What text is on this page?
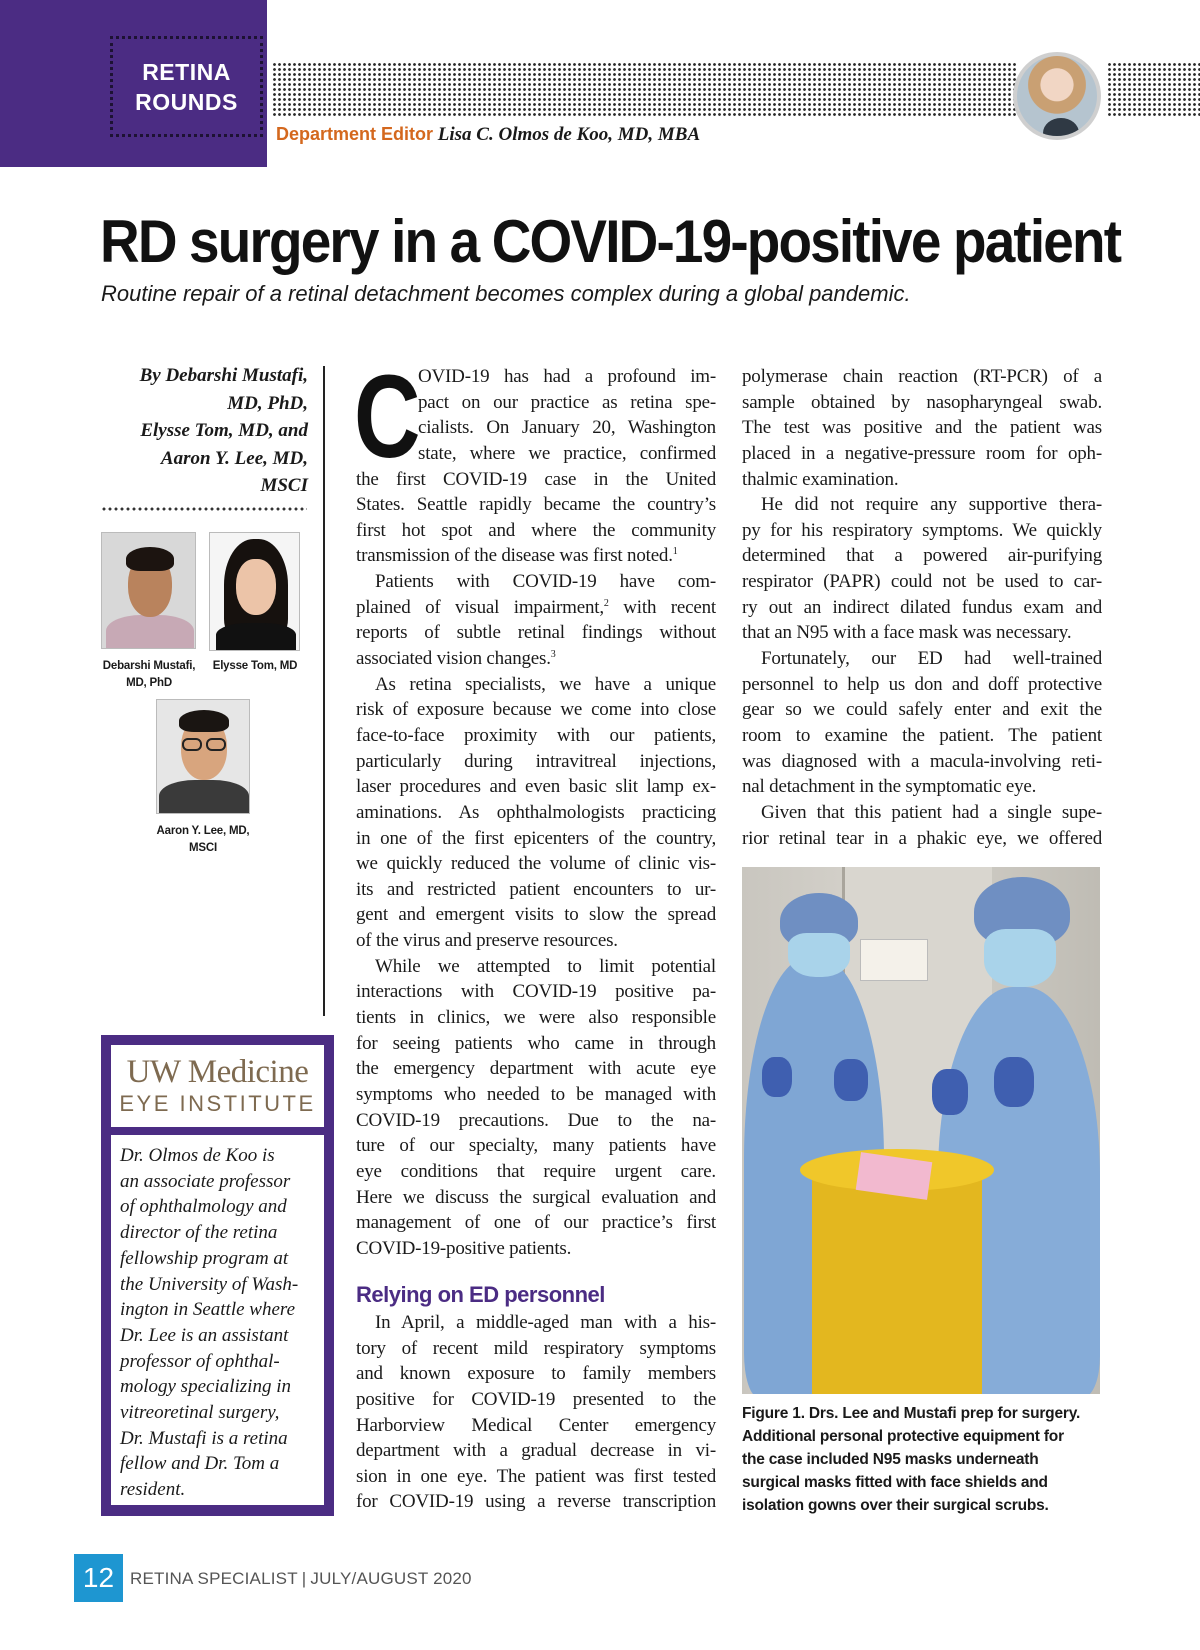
RETINA
ROUNDS
Department Editor Lisa C. Olmos de Koo, MD, MBA
RD surgery in a COVID-19-positive patient
Routine repair of a retinal detachment becomes complex during a global pandemic.
By Debarshi Mustafi,
MD, PhD,
Elysse Tom, MD, and
Aaron Y. Lee, MD,
MSCI
Debarshi Mustafi,
MD, PhD
Elysse Tom, MD
Aaron Y. Lee, MD,
MSCI
UW Medicine
EYE INSTITUTE
Dr. Olmos de Koo is
an associate professor
of ophthalmology and
director of the retina
fellowship program at
the University of Wash-
ington in Seattle where
Dr. Lee is an assistant
professor of ophthal-
mology specializing in
vitreoretinal surgery,
Dr. Mustafi is a retina
fellow and Dr. Tom a
resident.
C
OVID-19 has had a profound im-
pact on our practice as retina spe-
cialists. On January 20, Washington
state, where we practice, confirmed
the first COVID-19 case in the United
States. Seattle rapidly became the country’s
first hot spot and where the community
transmission of the disease was first noted.$^1$
Patients with COVID-19 have com-
plained of visual impairment,$^2$ with recent
reports of subtle retinal findings without
associated vision changes.$^3$
As retina specialists, we have a unique
risk of exposure because we come into close
face-to-face proximity with our patients,
particularly during intravitreal injections,
laser procedures and even basic slit lamp ex-
aminations. As ophthalmologists practicing
in one of the first epicenters of the country,
we quickly reduced the volume of clinic vis-
its and restricted patient encounters to ur-
gent and emergent visits to slow the spread
of the virus and preserve resources.
While we attempted to limit potential
interactions with COVID-19 positive pa-
tients in clinics, we were also responsible
for seeing patients who came in through
the emergency department with acute eye
symptoms who needed to be managed with
COVID-19 precautions. Due to the na-
ture of our specialty, many patients have
eye conditions that require urgent care.
Here we discuss the surgical evaluation and
management of one of our practice’s first
COVID-19-positive patients.
Relying on ED personnel
In April, a middle-aged man with a his-
tory of recent mild respiratory symptoms
and known exposure to family members
positive for COVID-19 presented to the
Harborview Medical Center emergency
department with a gradual decrease in vi-
sion in one eye. The patient was first tested
for COVID-19 using a reverse transcription
polymerase chain reaction (RT-PCR) of a
sample obtained by nasopharyngeal swab.
The test was positive and the patient was
placed in a negative-pressure room for oph-
thalmic examination.
He did not require any supportive thera-
py for his respiratory symptoms. We quickly
determined that a powered air-purifying
respirator (PAPR) could not be used to car-
ry out an indirect dilated fundus exam and
that an N95 with a face mask was necessary.
Fortunately, our ED had well-trained
personnel to help us don and doff protective
gear so we could safely enter and exit the
room to examine the patient. The patient
was diagnosed with a macula-involving reti-
nal detachment in the symptomatic eye.
Given that this patient had a single supe-
rior retinal tear in a phakic eye, we offered
Figure 1. Drs. Lee and Mustafi prep for surgery.
Additional personal protective equipment for
the case included N95 masks underneath
surgical masks fitted with face shields and
isolation gowns over their surgical scrubs.
12 RETINA SPECIALIST | JULY/AUGUST 2020
